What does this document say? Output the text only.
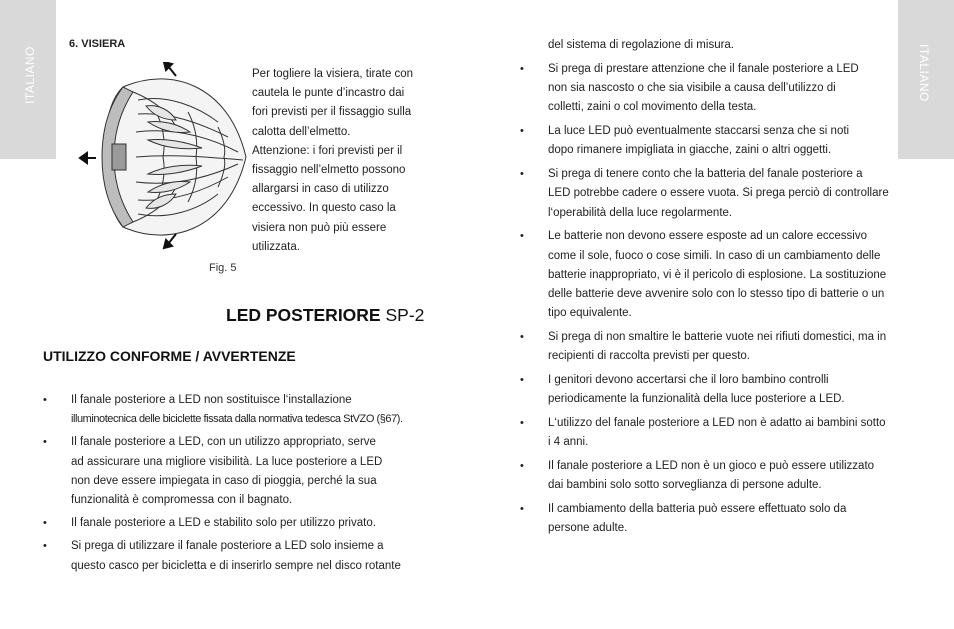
ITALIANO	ITALIANO
6. VISIERA
Fig. 5

Per togliere la visiera, tirate con

cautela le punte d’incastro dai

fori previsti per il fissaggio sulla

calotta dell’elmetto.

Attenzione: i fori previsti per il

fissaggio nell’elmetto possono

allargarsi in caso di utilizzo

eccessivo. In questo caso la

visiera non può più essere

utilizzata.

LED POSTERIORE SP-2
UTILIZZO CONFORME / AVVERTENZE
• Il fanale posteriore a LED non sostituisce l‘installazione
illuminotecnica delle biciclette fissata dalla normativa tedesca StVZO (§67).
• Il fanale posteriore a LED, con un utilizzo appropriato, serve
ad assicurare una migliore visibilità. La luce posteriore a LED
non deve essere impiegata in caso di pioggia, perché la sua
funzionalità è compromessa con il bagnato.
• Il fanale posteriore a LED e stabilito solo per utilizzo privato.
• Si prega di utilizzare il fanale posteriore a LED solo insieme a
questo casco per bicicletta e di inserirlo sempre nel disco rotante
del sistema di regolazione di misura.
• Si prega di prestare attenzione che il fanale posteriore a LED
non sia nascosto o che sia visibile a causa dell’utilizzo di
colletti, zaini o col movimento della testa.
• La luce LED può eventualmente staccarsi senza che si noti
dopo rimanere impigliata in giacche, zaini o altri oggetti.
• Si prega di tenere conto che la batteria del fanale posteriore a
LED potrebbe cadere o essere vuota. Si prega perciò di controllare
l‘operabilità della luce regolarmente.
• Le batterie non devono essere esposte ad un calore eccessivo
come il sole, fuoco o cose simili. In caso di un cambiamento delle
batterie inappropriato, vi è il pericolo di esplosione. La sostituzione
delle batterie deve avvenire solo con lo stesso tipo di batterie o un
tipo equivalente.
• Si prega di non smaltire le batterie vuote nei rifiuti domestici, ma in
recipienti di raccolta previsti per questo.
• I genitori devono accertarsi che il loro bambino controlli
periodicamente la funzionalità della luce posteriore a LED.
• L‘utilizzo del fanale posteriore a LED non è adatto ai bambini sotto
i 4 anni.
• Il fanale posteriore a LED non è un gioco e può essere utilizzato
dai bambini solo sotto sorveglianza di persone adulte.
• Il cambiamento della batteria può essere effettuato solo da
persone adulte.
